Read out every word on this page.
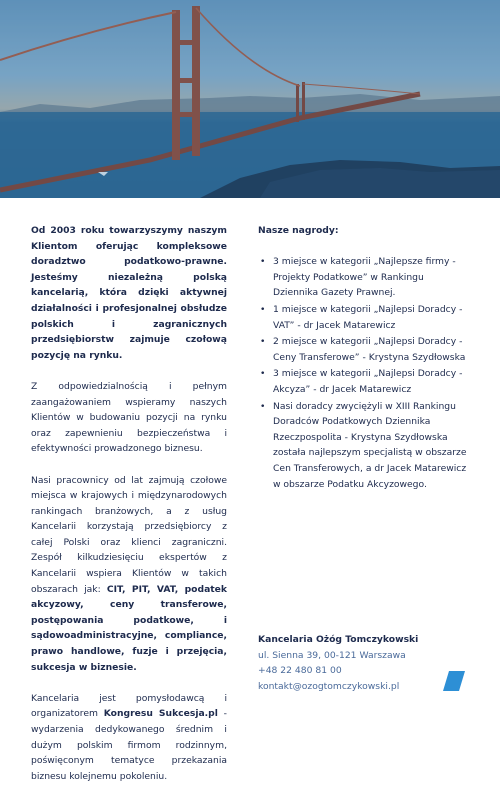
Od 2003 roku towarzyszymy naszym Klientom oferując kompleksowe doradztwo podatkowo-prawne. Jesteśmy niezależną polską kancelarią, która dzięki aktywnej działalności i profesjonalnej obsłudze polskich i zagranicznych przedsiębiorstw zajmuje czołową pozycję na rynku.

Z odpowiedzialnością i pełnym zaangażowaniem wspieramy naszych Klientów w budowaniu pozycji na rynku oraz zapewnieniu bezpieczeństwa i efektywności prowadzonego biznesu.

Nasi pracownicy od lat zajmują czołowe miejsca w krajowych i międzynarodowych rankingach branżowych, a z usług Kancelarii korzystają przedsiębiorcy z całej Polski oraz klienci zagraniczni. Zespół kilkudziesięciu ekspertów z Kancelarii wspiera Klientów w takich obszarach jak: CIT, PIT, VAT, podatek akcyzowy, ceny transferowe, postępowania podatkowe, i sądowoadministracyjne, compliance, prawo handlowe, fuzje i przejęcia, sukcesja w biznesie.

Kancelaria jest pomysłodawcą i organizatorem Kongresu Sukcesja.pl - wydarzenia dedykowanego średnim i dużym polskim firmom rodzinnym, poświęconym tematyce przekazania biznesu kolejnemu pokoleniu.

Nasze nagrody:
• 3 miejsce w kategorii „Najlepsze firmy - Projekty Podatkowe” w Rankingu Dziennika Gazety Prawnej.
• 1 miejsce w kategorii „Najlepsi Doradcy - VAT” - dr Jacek Matarewicz
• 2 miejsce w kategorii „Najlepsi Doradcy - Ceny Transferowe” - Krystyna Szydłowska
• 3 miejsce w kategorii „Najlepsi Doradcy - Akcyza” - dr Jacek Matarewicz
• Nasi doradcy zwyciężyli w XIII Rankingu Doradców Podatkowych Dziennika Rzeczpospolita - Krystyna Szydłowska została najlepszym specjalistą w obszarze Cen Transferowych, a dr Jacek Matarewicz w obszarze Podatku Akcyzowego.
Kancelaria Ożóg Tomczykowski
ul. Sienna 39, 00-121 Warszawa
+48 22 480 81 00
kontakt@ozogtomczykowski.pl
